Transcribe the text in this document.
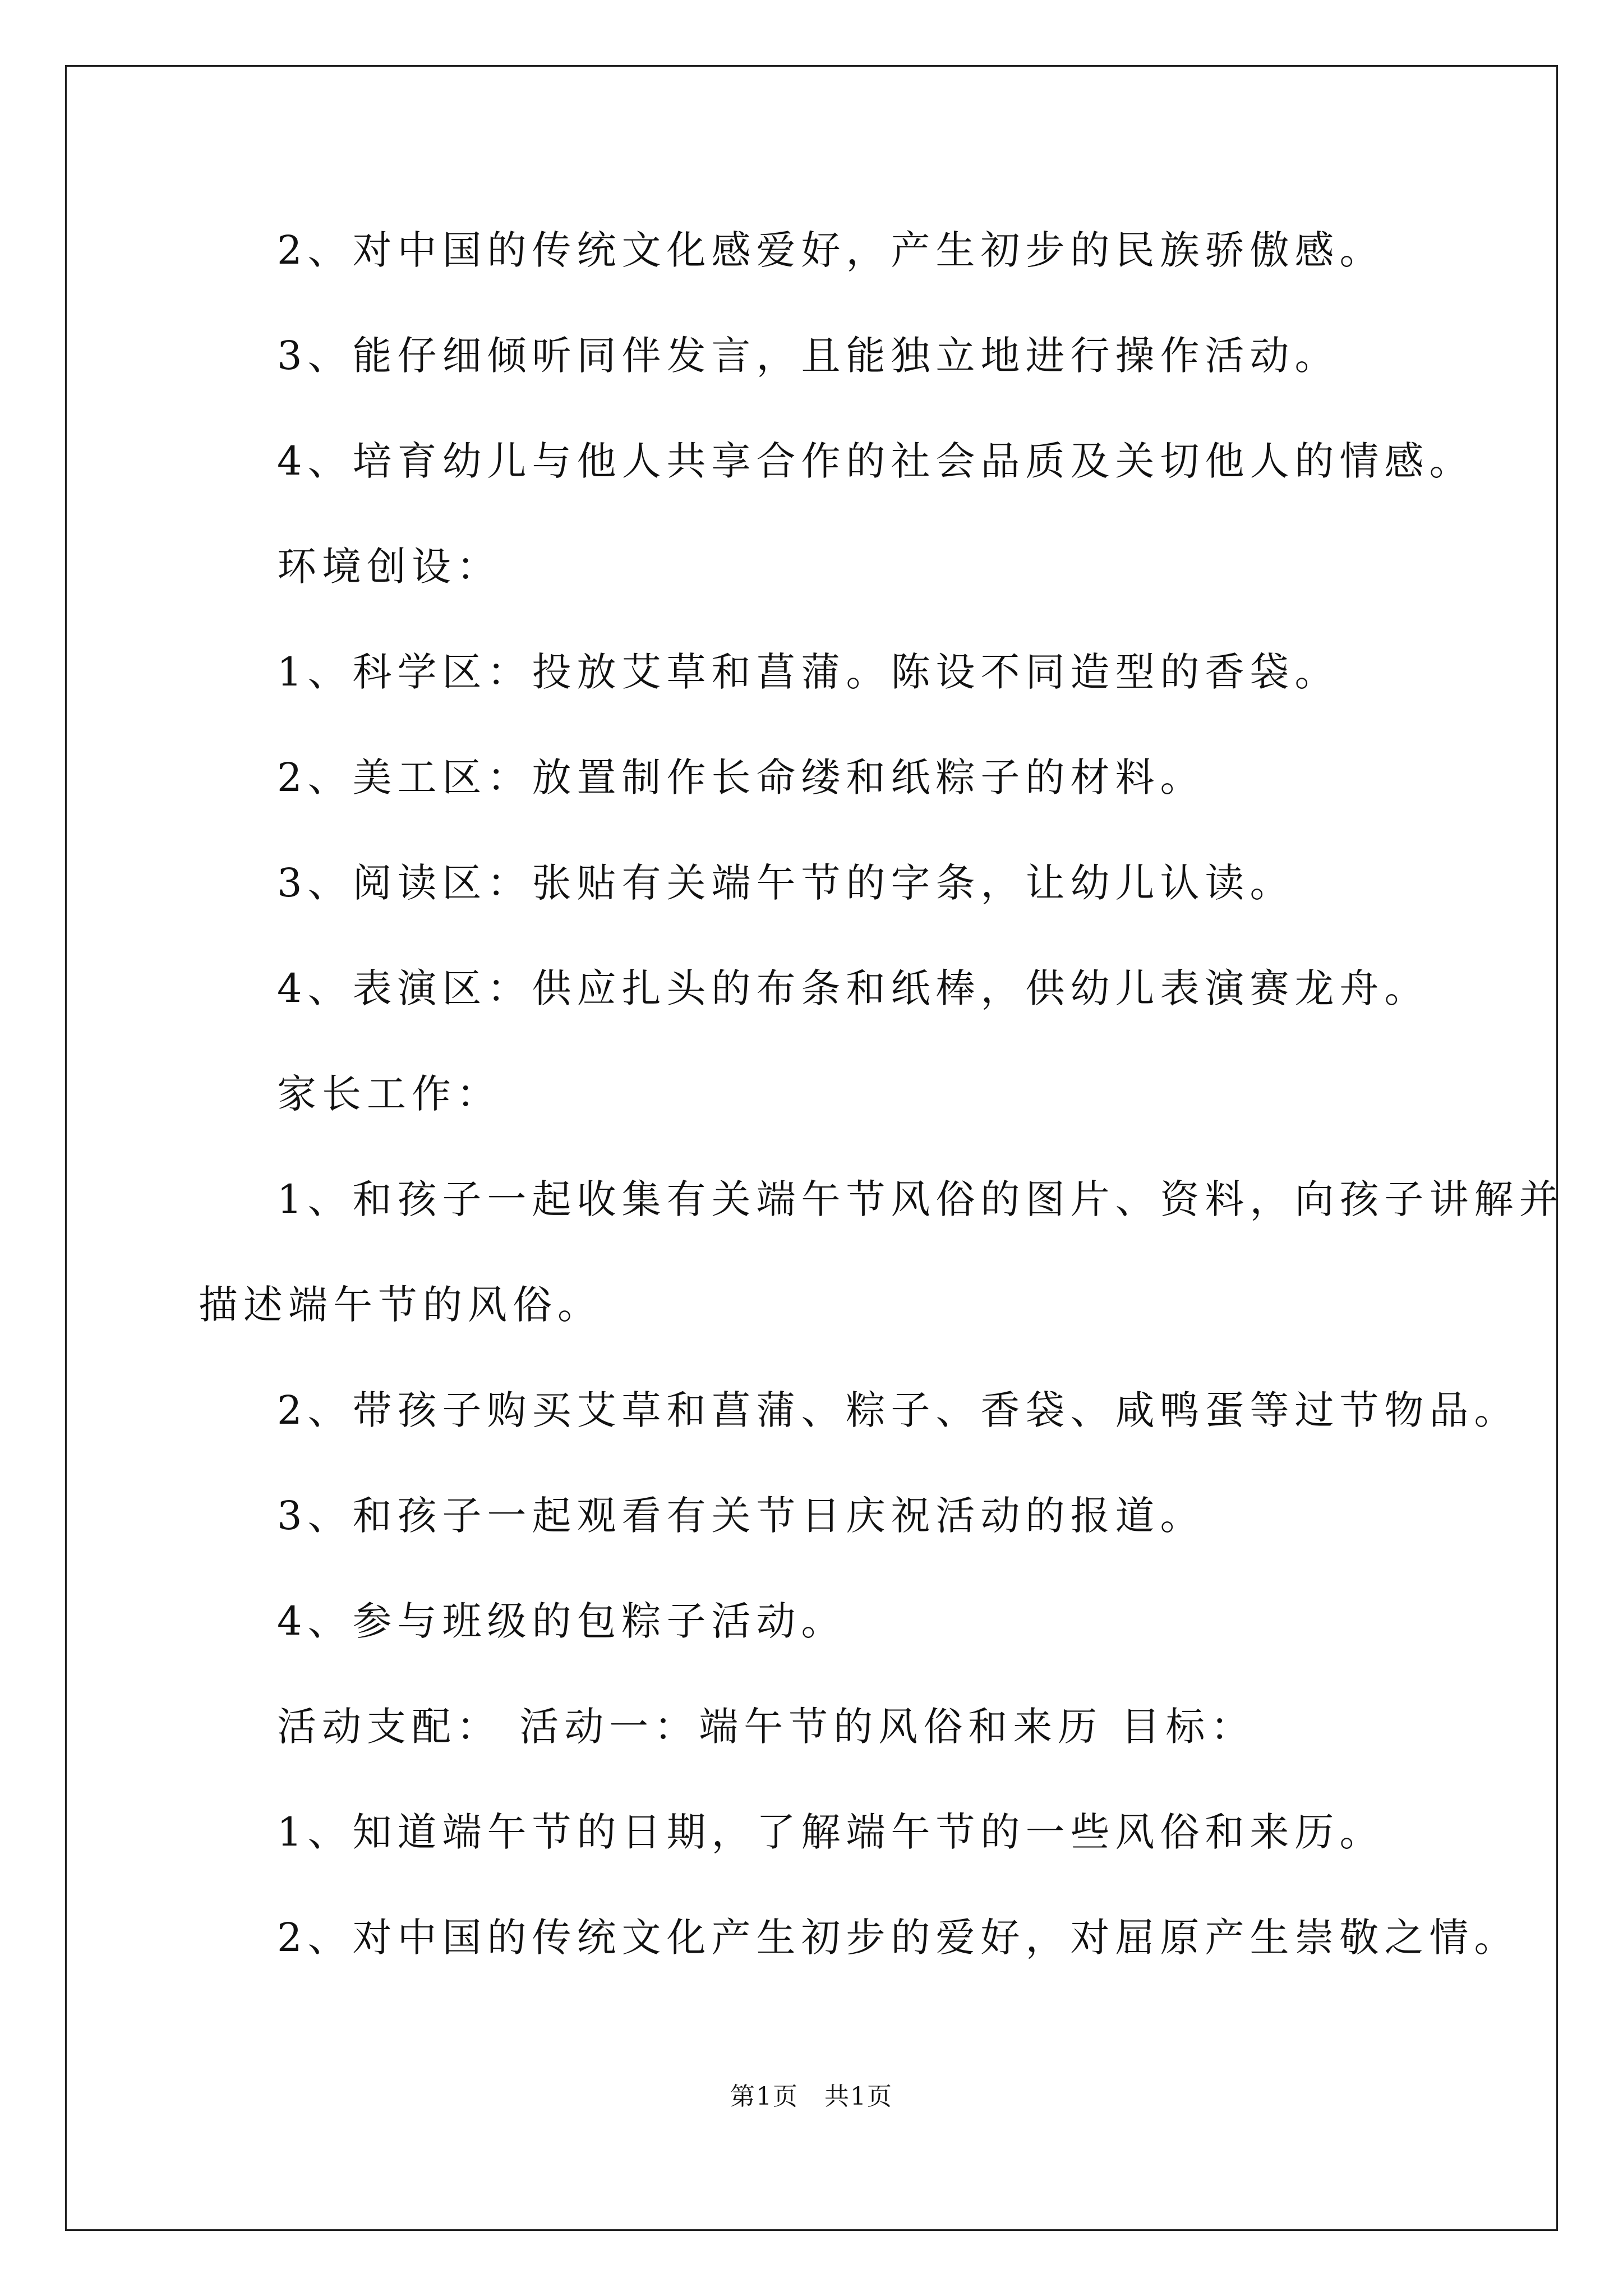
2、对中国的传统文化感爱好，产生初步的民族骄傲感。
3、能仔细倾听同伴发言，且能独立地进行操作活动。
4、培育幼儿与他人共享合作的社会品质及关切他人的情感。
环境创设：
1、科学区：投放艾草和菖蒲。陈设不同造型的香袋。
2、美工区：放置制作长命缕和纸粽子的材料。
3、阅读区：张贴有关端午节的字条，让幼儿认读。
4、表演区：供应扎头的布条和纸棒，供幼儿表演赛龙舟。
家长工作：
1、和孩子一起收集有关端午节风俗的图片、资料，向孩子讲解并
描述端午节的风俗。
2、带孩子购买艾草和菖蒲、粽子、香袋、咸鸭蛋等过节物品。
3、和孩子一起观看有关节日庆祝活动的报道。
4、参与班级的包粽子活动。
活动支配： 活动一：端午节的风俗和来历 目标：
1、知道端午节的日期，了解端午节的一些风俗和来历。
2、对中国的传统文化产生初步的爱好，对屈原产生崇敬之情。
第1页　共1页
